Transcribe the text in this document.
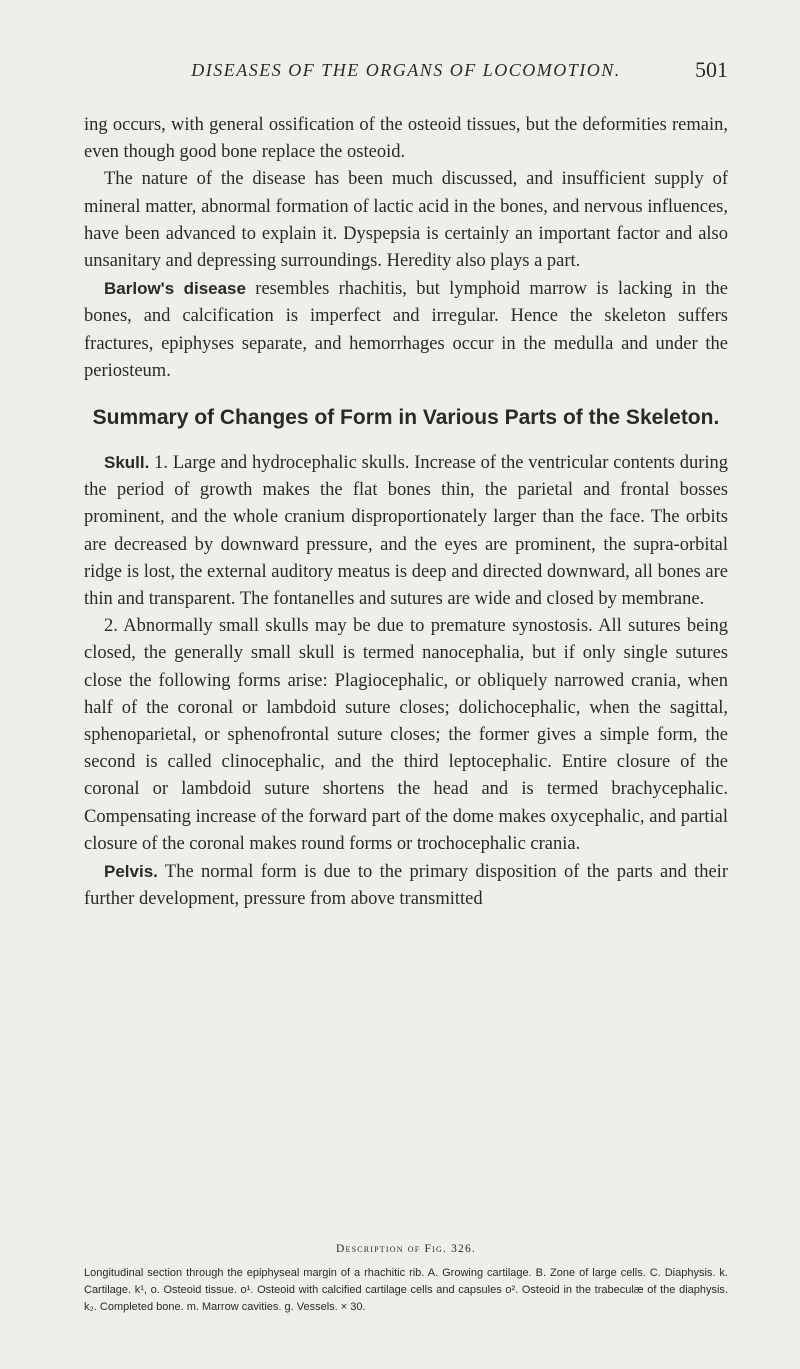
DISEASES OF THE ORGANS OF LOCOMOTION.	501

ing occurs, with general ossification of the osteoid tissues, but the deformities remain, even though good bone replace the osteoid.

The nature of the disease has been much discussed, and insufficient supply of mineral matter, abnormal formation of lactic acid in the bones, and nervous influences, have been advanced to explain it. Dyspepsia is certainly an important factor and also unsanitary and depressing surroundings. Heredity also plays a part.

Barlow's disease resembles rhachitis, but lymphoid marrow is lacking in the bones, and calcification is imperfect and irregular. Hence the skeleton suffers fractures, epiphyses separate, and hemorrhages occur in the medulla and under the periosteum.

Summary of Changes of Form in Various Parts of the Skeleton.

Skull. 1. Large and hydrocephalic skulls. Increase of the ventricular contents during the period of growth makes the flat bones thin, the parietal and frontal bosses prominent, and the whole cranium disproportionately larger than the face. The orbits are decreased by downward pressure, and the eyes are prominent, the supra-orbital ridge is lost, the external auditory meatus is deep and directed downward, all bones are thin and transparent. The fontanelles and sutures are wide and closed by membrane.

2. Abnormally small skulls may be due to premature synostosis. All sutures being closed, the generally small skull is termed nanocephalia, but if only single sutures close the following forms arise: Plagiocephalic, or obliquely narrowed crania, when half of the coronal or lambdoid suture closes; dolichocephalic, when the sagittal, sphenoparietal, or sphenofrontal suture closes; the former gives a simple form, the second is called clinocephalic, and the third leptocephalic. Entire closure of the coronal or lambdoid suture shortens the head and is termed brachycephalic. Compensating increase of the forward part of the dome makes oxycephalic, and partial closure of the coronal makes round forms or trochocephalic crania.

Pelvis. The normal form is due to the primary disposition of the parts and their further development, pressure from above transmitted

Description of Fig. 326.

Longitudinal section through the epiphyseal margin of a rhachitic rib. A. Growing cartilage. B. Zone of large cells. C. Diaphysis. k. Cartilage. k¹, o. Osteoid tissue. o¹. Osteoid with calcified cartilage cells and capsules o². Osteoid in the trabeculæ of the diaphysis. k₂. Completed bone. m. Marrow cavities. g. Vessels. × 30.
